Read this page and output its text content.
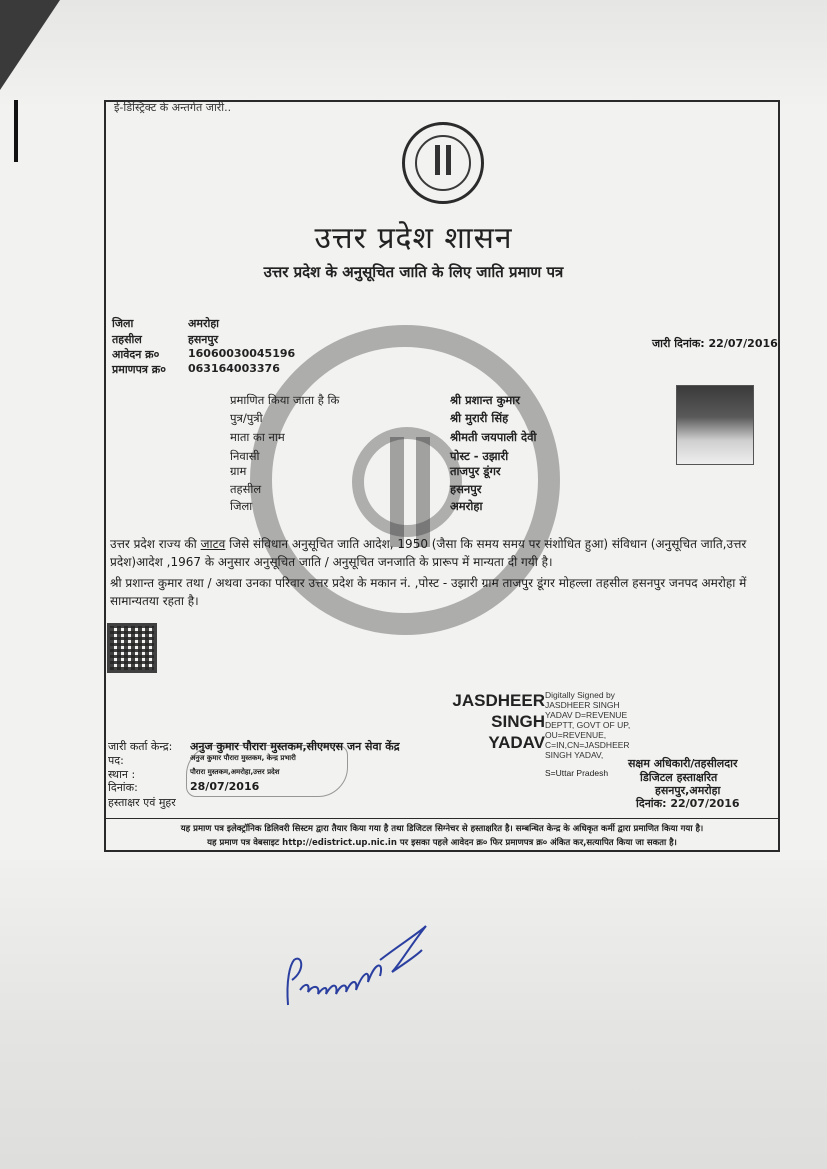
ई-डिस्ट्रिक्ट के अन्तर्गत जारी..
उत्तर प्रदेश शासन
उत्तर प्रदेश के अनुसूचित जाति के लिए जाति प्रमाण पत्र
जिला	अमरोहा
तहसील	हसनपुर
आवेदन क्र०	16060030045196
प्रमाणपत्र क्र० 063164003376
जारी दिनांक: 22/07/2016
प्रमाणित किया जाता है कि	श्री प्रशान्त कुमार
पुत्र/पुत्री	श्री मुरारी सिंह
माता का नाम	श्रीमती जयपाली देवी
निवासी	पोस्ट - उझारी
ग्राम	ताजपुर डूंगर
तहसील	हसनपुर
जिला	अमरोहा
उत्तर प्रदेश राज्य की जाटव जिसे संविधान अनुसूचित जाति आदेश, 1950 (जैसा कि समय समय पर संशोधित हुआ) संविधान (अनुसूचित जाति,उत्तर प्रदेश)आदेश ,1967 के अनुसार अनुसूचित जाति / अनुसूचित जनजाति के प्रारूप में मान्यता दी गयी है।
श्री प्रशान्त कुमार तथा / अथवा उनका परिवार उत्तर प्रदेश के मकान नं. ,पोस्ट - उझारी ग्राम ताजपुर डूंगर मोहल्ला तहसील हसनपुर जनपद अमरोहा में सामान्यतया रहता है।
JASDHEER
SINGH
YADAV
Digitally Signed by JASDHEER SINGH YADAV D=REVENUE DEPTT, GOVT OF UP, OU=REVENUE, C=IN,CN=JASDHEER SINGH YADAV,
S=Uttar Pradesh
सक्षम अधिकारी/तहसीलदार
डिजिटल हस्ताक्षरित
हसनपुर,अमरोहा
दिनांक: 22/07/2016
जारी कर्ता केन्द्र: अनुज कुमार पौरारा मुस्तकम,सीएमएस जन सेवा केंद्र
पद:	अनुज कुमार पौरारा मुस्तकम, केन्द्र प्रभारी
स्थान :	पौरारा मुस्तकम,अमरोहा,उत्तर प्रदेश
दिनांक:	28/07/2016
हस्ताक्षर एवं मुहर
यह प्रमाण पत्र इलेक्ट्रॉनिक डिलिवरी सिस्टम द्वारा तैयार किया गया है तथा डिजिटल सिग्नेचर से हस्ताक्षरित है। सम्बन्धित केन्द्र के अधिकृत कर्मी द्वारा प्रमाणित किया गया है।
यह प्रमाण पत्र वेबसाइट http://edistrict.up.nic.in पर इसका पहले आवेदन क्र० फिर प्रमाणपत्र क्र० अंकित कर,सत्यापित किया जा सकता है।
